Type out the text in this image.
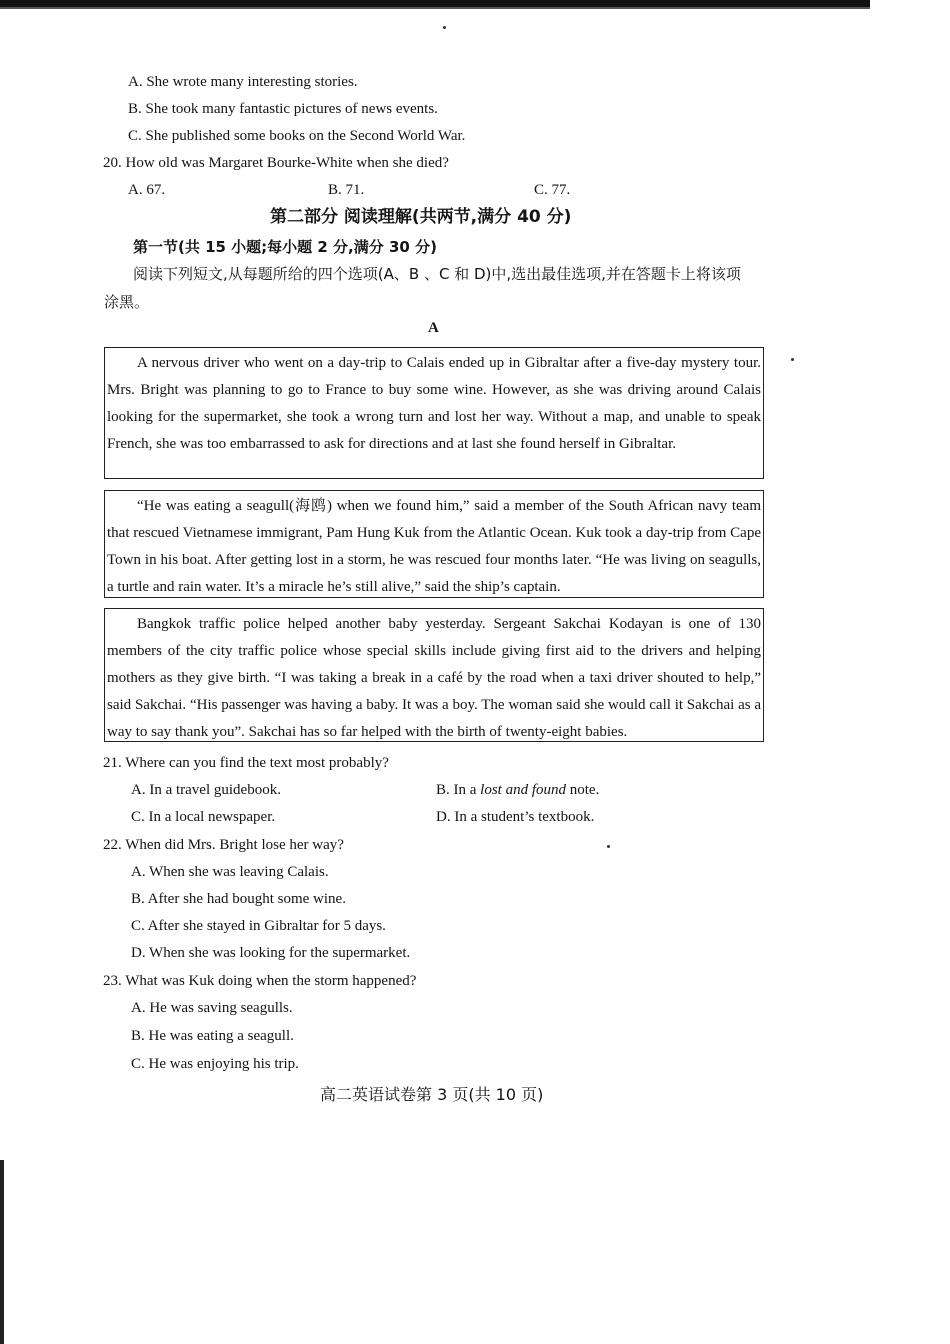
A. She wrote many interesting stories.
B. She took many fantastic pictures of news events.
C. She published some books on the Second World War.
20. How old was Margaret Bourke-White when she died?
A. 67.	B. 71.	C. 77.
第二部分 阅读理解(共两节,满分 40 分)
第一节(共 15 小题;每小题 2 分,满分 30 分)
阅读下列短文,从每题所给的四个选项(A、B 、C 和 D)中,选出最佳选项,并在答题卡上将该项
涂黑。
A

A nervous driver who went on a day-trip to Calais ended up in Gibraltar after a five-day mystery tour. Mrs. Bright was planning to go to France to buy some wine. However, as she was driving around Calais looking for the supermarket, she took a wrong turn and lost her way. Without a map, and unable to speak French, she was too embarrassed to ask for directions and at last she found herself in Gibraltar.

“He was eating a seagull(海鸥) when we found him,” said a member of the South African navy team that rescued Vietnamese immigrant, Pam Hung Kuk from the Atlantic Ocean. Kuk took a day-trip from Cape Town in his boat. After getting lost in a storm, he was rescued four months later. “He was living on seagulls, a turtle and rain water. It’s a miracle he’s still alive,” said the ship’s captain.

Bangkok traffic police helped another baby yesterday. Sergeant Sakchai Kodayan is one of 130 members of the city traffic police whose special skills include giving first aid to the drivers and helping mothers as they give birth. “I was taking a break in a café by the road when a taxi driver shouted to help,” said Sakchai. “His passenger was having a baby. It was a boy. The woman said she would call it Sakchai as a way to say thank you”. Sakchai has so far helped with the birth of twenty-eight babies.

21. Where can you find the text most probably?
A. In a travel guidebook.	B. In a lost and found note.
C. In a local newspaper.	D. In a student’s textbook.
22. When did Mrs. Bright lose her way?
A. When she was leaving Calais.
B. After she had bought some wine.
C. After she stayed in Gibraltar for 5 days.
D. When she was looking for the supermarket.
23. What was Kuk doing when the storm happened?
A. He was saving seagulls.
B. He was eating a seagull.
C. He was enjoying his trip.
高二英语试卷第 3 页(共 10 页)
